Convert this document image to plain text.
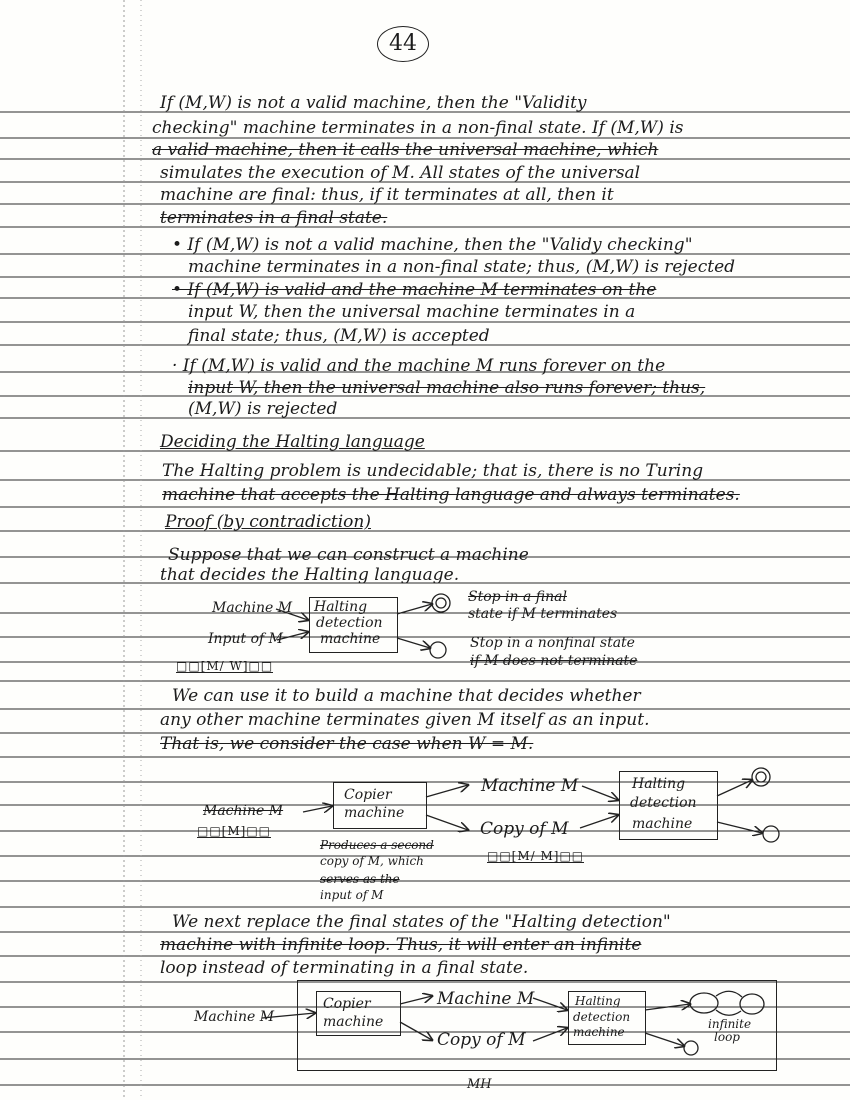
44
If (M,W) is not a valid machine, then the "Validity
checking" machine terminates in a non-final state. If (M,W) is
a valid machine, then it calls the universal machine, which
simulates the execution of M. All states of the universal
machine are final: thus, if it terminates at all, then it
terminates in a final state.
• If (M,W) is not a valid machine, then the "Validy checking"
machine terminates in a non-final state; thus, (M,W) is rejected
• If (M,W) is valid and the machine M terminates on the
input W, then the universal machine terminates in a
final state; thus, (M,W) is accepted
· If (M,W) is valid and the machine M runs forever on the
input W, then the universal machine also runs forever; thus,
(M,W) is rejected
Deciding the Halting language
The Halting problem is undecidable; that is, there is no Turing
machine that accepts the Halting language and always terminates.
Proof (by contradiction)
Suppose that we can construct a machine
that decides the Halting language.
Machine M
Input of M
Halting
detection
machine
Stop in a final
state if M terminates
Stop in a nonfinal state
if M does not terminate
□□[M/ W]□□
We can use it to build a machine that decides whether
any other machine terminates given M itself as an input.
That is, we consider the case when W = M.
Machine M
□□[M]□□
Copier
machine
Machine M
Copy of M
Halting
detection
machine
Produces a second
copy of M, which
serves as the
input of M
□□[M/ M]□□
We next replace the final states of the "Halting detection"
machine with infinite loop. Thus, it will enter an infinite
loop instead of terminating in a final state.
Machine M
Copier
machine
Machine M
Copy of M
Halting
detection
machine
infinite
loop
MH
